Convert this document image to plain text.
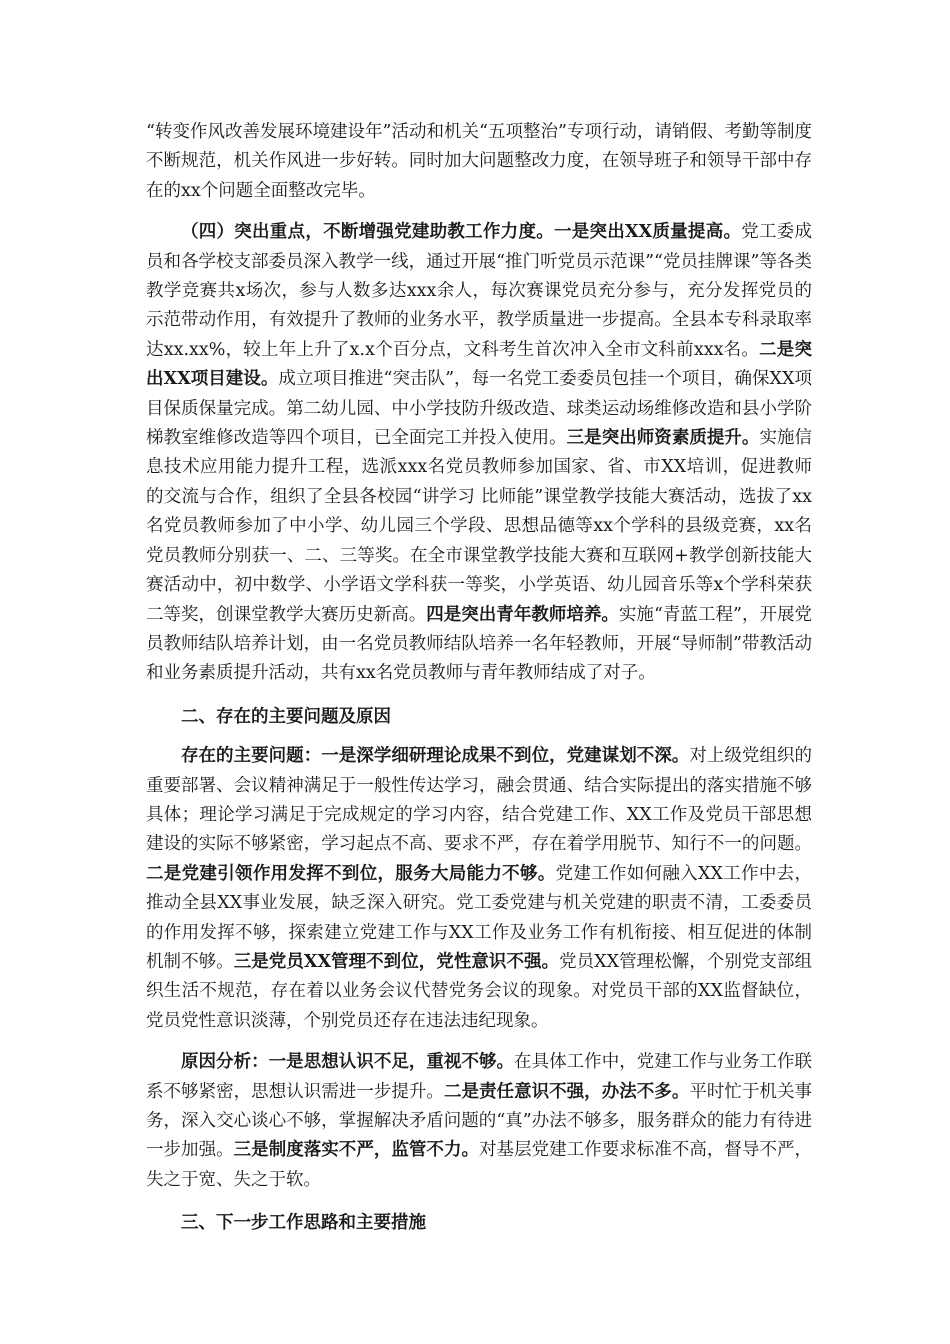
“转变作风改善发展环境建设年”活动和机关“五项整治”专项行动，请销假、考勤等制度不断规范，机关作风进一步好转。同时加大问题整改力度，在领导班子和领导干部中存在的xx个问题全面整改完毕。

（四）突出重点，不断增强党建助教工作力度。一是突出XX质量提高。党工委成员和各学校支部委员深入教学一线，通过开展“推门听党员示范课”“党员挂牌课”等各类教学竞赛共x场次，参与人数多达xxx余人，每次赛课党员充分参与，充分发挥党员的示范带动作用，有效提升了教师的业务水平，教学质量进一步提高。全县本专科录取率达xx.xx%，较上年上升了x.x个百分点，文科考生首次冲入全市文科前xxx名。二是突出XX项目建设。成立项目推进“突击队”，每一名党工委委员包挂一个项目，确保XX项目保质保量完成。第二幼儿园、中小学技防升级改造、球类运动场维修改造和县小学阶梯教室维修改造等四个项目，已全面完工并投入使用。三是突出师资素质提升。实施信息技术应用能力提升工程，选派xxx名党员教师参加国家、省、市XX培训，促进教师的交流与合作，组织了全县各校园“讲学习 比师能”课堂教学技能大赛活动，选拔了xx名党员教师参加了中小学、幼儿园三个学段、思想品德等xx个学科的县级竞赛，xx名党员教师分别获一、二、三等奖。在全市课堂教学技能大赛和互联网+教学创新技能大赛活动中，初中数学、小学语文学科获一等奖，小学英语、幼儿园音乐等x个学科荣获二等奖，创课堂教学大赛历史新高。四是突出青年教师培养。实施“青蓝工程”，开展党员教师结队培养计划，由一名党员教师结队培养一名年轻教师，开展“导师制”带教活动和业务素质提升活动，共有xx名党员教师与青年教师结成了对子。

二、存在的主要问题及原因

存在的主要问题：一是深学细研理论成果不到位，党建谋划不深。对上级党组织的重要部署、会议精神满足于一般性传达学习，融会贯通、结合实际提出的落实措施不够具体；理论学习满足于完成规定的学习内容，结合党建工作、XX工作及党员干部思想建设的实际不够紧密，学习起点不高、要求不严，存在着学用脱节、知行不一的问题。二是党建引领作用发挥不到位，服务大局能力不够。党建工作如何融入XX工作中去，推动全县XX事业发展，缺乏深入研究。党工委党建与机关党建的职责不清，工委委员的作用发挥不够，探索建立党建工作与XX工作及业务工作有机衔接、相互促进的体制机制不够。三是党员XX管理不到位，党性意识不强。党员XX管理松懈，个别党支部组织生活不规范，存在着以业务会议代替党务会议的现象。对党员干部的XX监督缺位，党员党性意识淡薄，个别党员还存在违法违纪现象。

原因分析：一是思想认识不足，重视不够。在具体工作中，党建工作与业务工作联系不够紧密，思想认识需进一步提升。二是责任意识不强，办法不多。平时忙于机关事务，深入交心谈心不够，掌握解决矛盾问题的“真”办法不够多，服务群众的能力有待进一步加强。三是制度落实不严，监管不力。对基层党建工作要求标准不高，督导不严，失之于宽、失之于软。

三、下一步工作思路和主要措施
